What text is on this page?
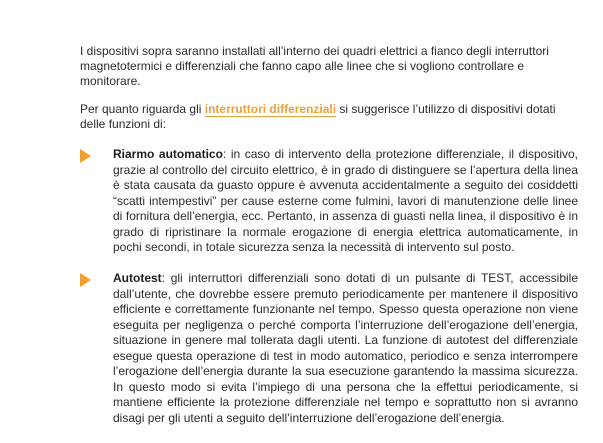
I dispositivi sopra saranno installati all’interno dei quadri elettrici a fianco degli interruttori magnetotermici e differenziali che fanno capo alle linee che si vogliono controllare e monitorare.

Per quanto riguarda gli interruttori differenziali si suggerisce l’utilizzo di dispositivi dotati delle funzioni di:

Riarmo automatico: in caso di intervento della protezione differenziale, il dispositivo, grazie al controllo del circuito elettrico, è in grado di distinguere se l’apertura della linea è stata causata da guasto oppure è avvenuta accidentalmente a seguito dei cosiddetti “scatti intempestivi” per cause esterne come fulmini, lavori di manutenzione delle linee di fornitura dell’energia, ecc. Pertanto, in assenza di guasti nella linea, il dispositivo è in grado di ripristinare la normale erogazione di energia elettrica automaticamente, in pochi secondi, in totale sicurezza senza la necessità di intervento sul posto.

Autotest: gli interruttori differenziali sono dotati di un pulsante di TEST, accessibile dall’utente, che dovrebbe essere premuto periodicamente per mantenere il dispositivo efficiente e correttamente funzionante nel tempo. Spesso questa operazione non viene eseguita per negligenza o perché comporta l’interruzione dell’erogazione dell’energia, situazione in genere mal tollerata dagli utenti. La funzione di autotest del differenziale esegue questa operazione di test in modo automatico, periodico e senza interrompere l’erogazione dell’energia durante la sua esecuzione garantendo la massima sicurezza. In questo modo si evita l’impiego di una persona che la effettui periodicamente, si mantiene efficiente la protezione differenziale nel tempo e soprattutto non si avranno disagi per gli utenti a seguito dell’interruzione dell’erogazione dell’energia.
